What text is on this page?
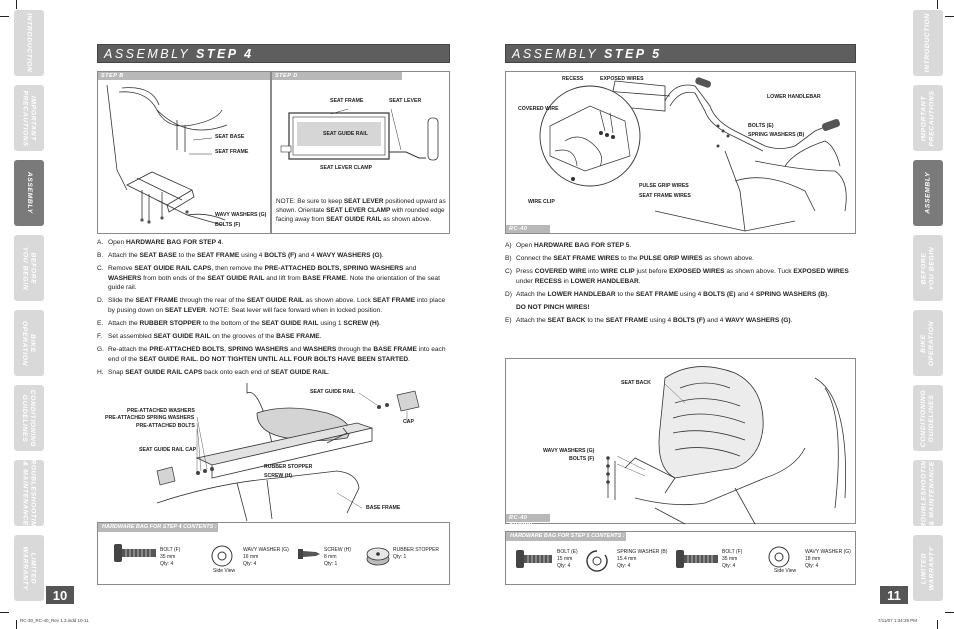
INTRODUCTION
IMPORTANT
PRECAUTIONS
ASSEMBLY
BEFORE
YOU BEGIN
BIKE
OPERATION
CONDITIONING
GUIDELINES
TROUBLESHOOTING
& MAINTENANCE
LIMITED
WARRANTY
INTRODUCTION
IMPORTANT
PRECAUTIONS
ASSEMBLY
BEFORE
YOU BEGIN
BIKE
OPERATION
CONDITIONING
GUIDELINES
TROUBLESHOOTING
& MAINTENANCE
LIMITED
WARRANTY
ASSEMBLY STEP 4
STEP B
SEAT BASE
SEAT FRAME
WAVY WASHERS (G)
BOLTS (F)
STEP D
SEAT FRAME	SEAT LEVER
SEAT GUIDE RAIL
SEAT LEVER CLAMP
NOTE: Be sure to keep SEAT LEVER positioned upward as shown. Orientate SEAT LEVER CLAMP with rounded edge facing away from SEAT GUIDE RAIL as shown above.

A. Open HARDWARE BAG FOR STEP 4.

B. Attach the SEAT BASE to the SEAT FRAME using 4 BOLTS (F) and 4 WAVY WASHERS (G).

C. Remove SEAT GUIDE RAIL CAPS, then remove the PRE-ATTACHED BOLTS, SPRING WASHERS and WASHERS from both ends of the SEAT GUIDE RAIL and lift from BASE FRAME. Note the orientation of the seat guide rail.

D. Slide the SEAT FRAME through the rear of the SEAT GUIDE RAIL as shown above. Lock SEAT FRAME into place by pusing down on SEAT LEVER. NOTE: Seat lever will face forward when in locked position.

E. Attach the RUBBER STOPPER to the bottom of the SEAT GUIDE RAIL using 1 SCREW (H).

F. Set assembled SEAT GUIDE RAIL on the grooves of the BASE FRAME.

G. Re-attach the PRE-ATTACHED BOLTS, SPRING WASHERS and WASHERS through the BASE FRAME into each end of the SEAT GUIDE RAIL. DO NOT TIGHTEN UNTIL ALL FOUR BOLTS HAVE BEEN STARTED.

H. Snap SEAT GUIDE RAIL CAPS back onto each end of SEAT GUIDE RAIL.

SEAT GUIDE RAIL
PRE-ATTACHED WASHERS
PRE-ATTACHED SPRING WASHERS
PRE-ATTACHED BOLTS
SEAT GUIDE RAIL CAP
RUBBER STOPPER
SCREW (H)
CAP
BASE FRAME
HARDWARE BAG FOR STEP 4 CONTENTS :
BOLT (F)
35 mm
Qty: 4
Side View
WAVY WASHER (G)
16 mm
Qty: 4
SCREW (H)
8 mm
Qty: 1
RUBBER STOPPER
Qty: 1
10
ASSEMBLY STEP 5
RECESS	EXPOSED WIRES
COVERED WIRE
WIRE CLIP
PULSE GRIP WIRES
SEAT FRAME WIRES
LOWER HANDLEBAR
BOLTS (E)
SPRING WASHERS (B)
RC-40 SHOWN

A) Open HARDWARE BAG FOR STEP 5.

B) Connect the SEAT FRAME WIRES to the PULSE GRIP WIRES as shown above.

C) Press COVERED WIRE into WIRE CLIP just before EXPOSED WIRES as shown above. Tuck EXPOSED WIRES under RECESS in LOWER HANDLEBAR.

D) Attach the LOWER HANDLEBAR to the SEAT FRAME using 4 BOLTS (E) and 4 SPRING WASHERS (B).

DO NOT PINCH WIRES!

E) Attach the SEAT BACK to the SEAT FRAME using 4 BOLTS (F) and 4 WAVY WASHERS (G).

SEAT BACK
WAVY WASHERS (G)
BOLTS (F)
RC-40 SHOWN
HARDWARE BAG FOR STEP 5 CONTENTS :
BOLT (E)
15 mm
Qty: 4
SPRING WASHER (B)
15.4 mm
Qty: 4
BOLT (F)
35 mm
Qty: 4
Side View
WAVY WASHER (G)
18 mm
Qty: 4
11
RC-30_RC-40_Rev 1.3.indd 10-11	7/11/07 1:34:29 PM
